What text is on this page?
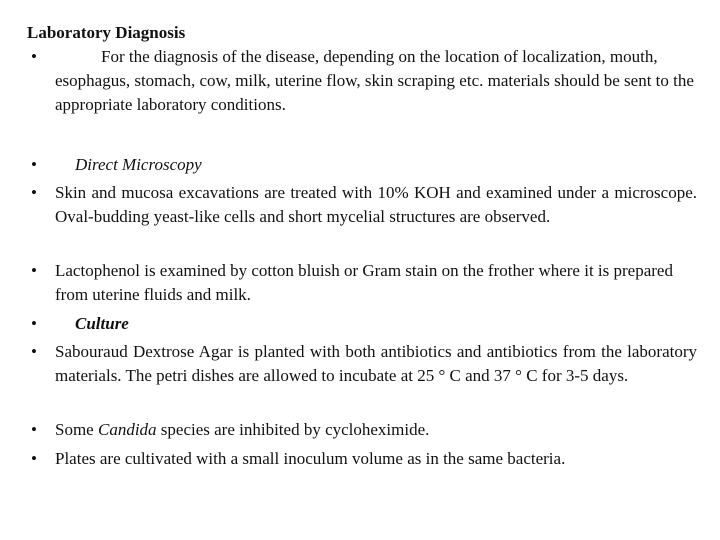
Laboratory Diagnosis
•	For the diagnosis of the disease, depending on the location of localization, mouth, esophagus, stomach, cow, milk, uterine flow, skin scraping etc. materials should be sent to the appropriate laboratory conditions.
•	Direct Microscopy
• Skin and mucosa excavations are treated with 10% KOH and examined under a microscope. Oval-budding yeast-like cells and short mycelial structures are observed.
• Lactophenol is examined by cotton bluish or Gram stain on the frother where it is prepared from uterine fluids and milk.
•	Culture
• Sabouraud Dextrose Agar is planted with both antibiotics and antibiotics from the laboratory materials. The petri dishes are allowed to incubate at 25 ° C and 37 ° C for 3-5 days.
• Some Candida species are inhibited by cycloheximide.
• Plates are cultivated with a small inoculum volume as in the same bacteria.
